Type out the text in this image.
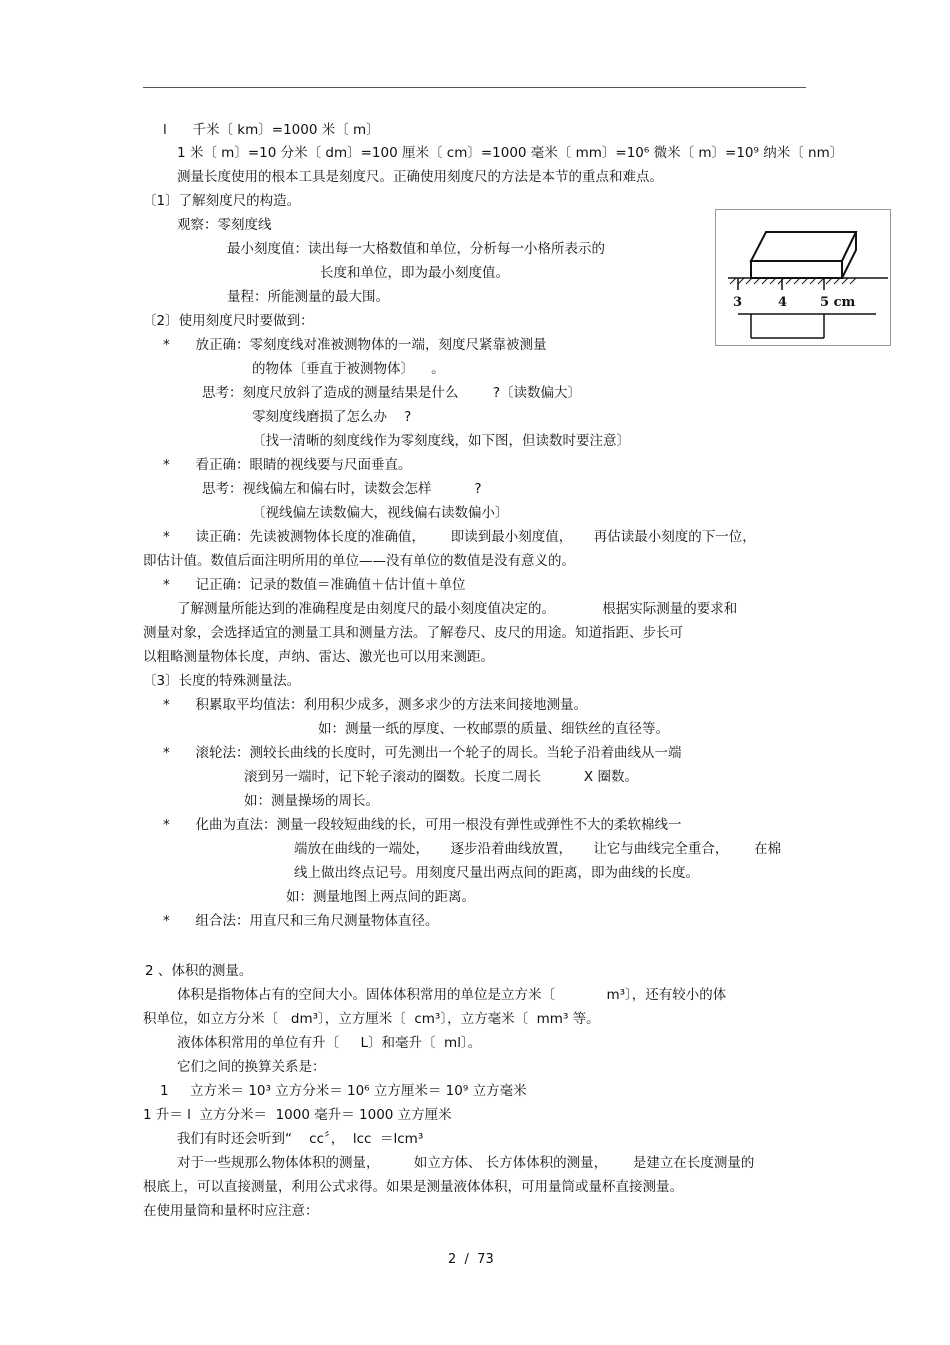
l      千米〔 km〕=1000 米〔 m〕
1 米〔 m〕=10 分米〔 dm〕=100 厘米〔 cm〕=1000 毫米〔 mm〕=10⁶ 微米〔 m〕=10⁹ 纳米〔 nm〕
测量长度使用的根本工具是刻度尺。正确使用刻度尺的方法是本节的重点和难点。
〔1〕了解刻度尺的构造。
观察：零刻度线
最小刻度值：读出每一大格数值和单位，分析每一小格所表示的
长度和单位，即为最小刻度值。
量程：所能测量的最大围。
〔2〕使用刻度尺时要做到：
*      放正确：零刻度线对准被测物体的一端，刻度尺紧靠被测量
的物体〔垂直于被测物体〕    。
思考：刻度尺放斜了造成的测量结果是什么        ?〔读数偏大〕
零刻度线磨损了怎么办    ?
〔找一清晰的刻度线作为零刻度线，如下图，但读数时要注意〕
*      看正确：眼睛的视线要与尺面垂直。
思考：视线偏左和偏右时，读数会怎样          ?
〔视线偏左读数偏大，视线偏右读数偏小〕
*      读正确：先读被测物体长度的准确值，      即读到最小刻度值，     再估读最小刻度的下一位，
即估计值。数值后面注明所用的单位——没有单位的数值是没有意义的。
*      记正确：记录的数值＝准确值＋估计值＋单位
了解测量所能达到的准确程度是由刻度尺的最小刻度值决定的。           根据实际测量的要求和
测量对象，会选择适宜的测量工具和测量方法。了解卷尺、皮尺的用途。知道指距、步长可
以粗略测量物体长度，声纳、雷达、激光也可以用来测距。
〔3〕长度的特殊测量法。
*      积累取平均值法：利用积少成多，测多求少的方法来间接地测量。
如：测量一纸的厚度、一枚邮票的质量、细铁丝的直径等。
*      滚轮法：测较长曲线的长度时，可先测出一个轮子的周长。当轮子沿着曲线从一端
滚到另一端时，记下轮子滚动的圈数。长度二周长          X 圈数。
如：测量操场的周长。
*      化曲为直法：测量一段较短曲线的长，可用一根没有弹性或弹性不大的柔软棉线一
端放在曲线的一端处，     逐步沿着曲线放置，     让它与曲线完全重合，      在棉
线上做出终点记号。用刻度尺量出两点间的距离，即为曲线的长度。
如：测量地图上两点间的距离。
*      组合法：用直尺和三角尺测量物体直径。
2 、体积的测量。
体积是指物体占有的空间大小。固体体积常用的单位是立方米〔            m³〕，还有较小的体
积单位，如立方分米〔   dm³〕，立方厘米〔  cm³〕，立方毫米〔  mm³ 等。
液体体积常用的单位有升〔     L〕和毫升〔  ml〕。
它们之间的换算关系是：
1     立方米＝ 10³ 立方分米＝ 10⁶ 立方厘米＝ 10⁹ 立方毫米
1 升＝ l  立方分米＝  1000 毫升＝ 1000 立方厘米
我们有时还会听到“    cc〞，  lcc  ＝lcm³
对于一些规那么物体体积的测量，        如立方体、 长方体体积的测量，      是建立在长度测量的
根底上，可以直接测量，利用公式求得。如果是测量液体体积，可用量筒或量杯直接测量。
在使用量筒和量杯时应注意：
3	4	5 cm
2  /  73
